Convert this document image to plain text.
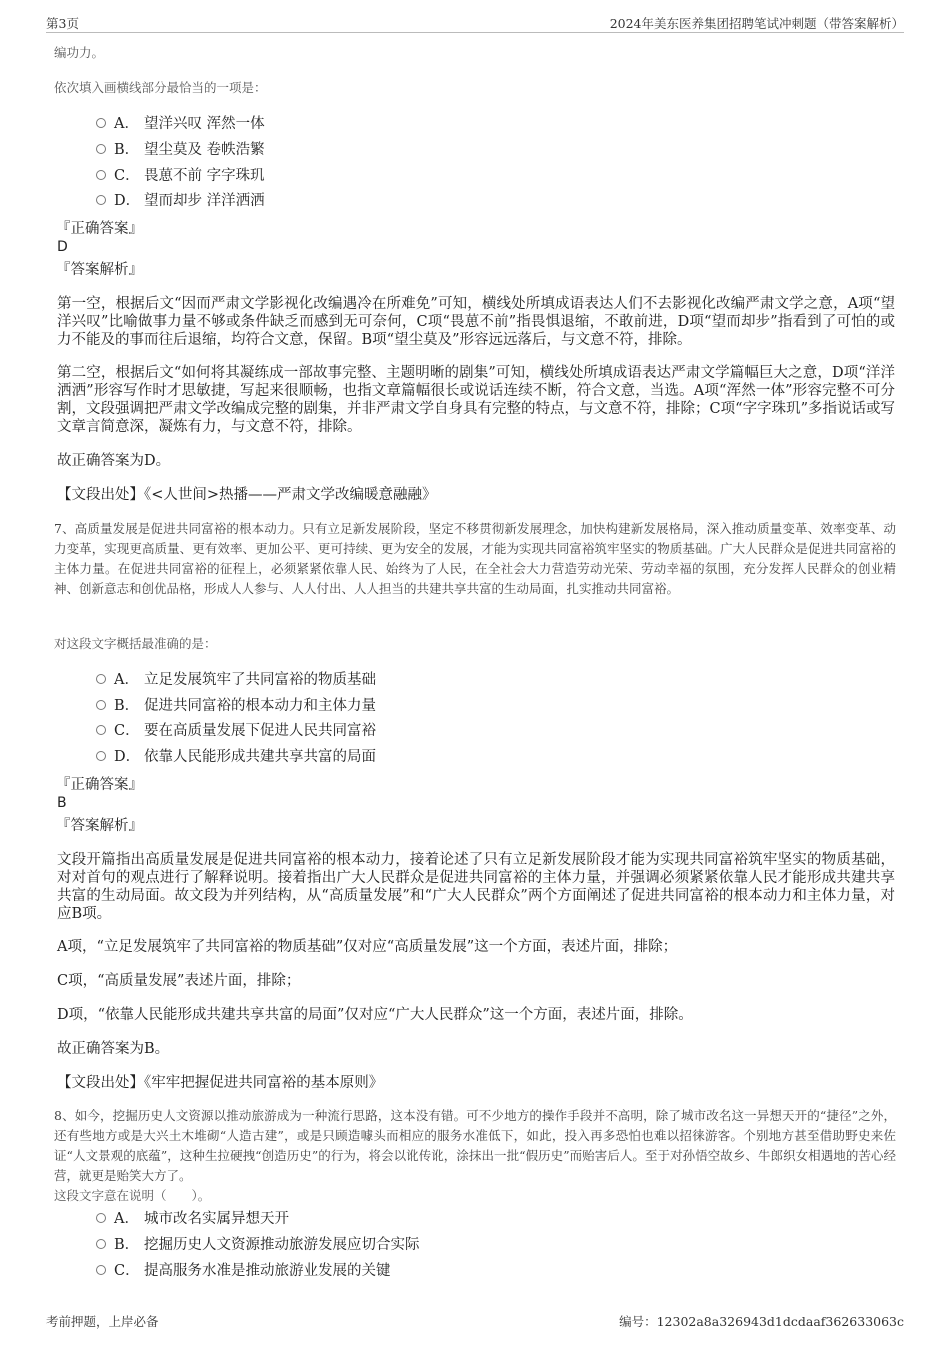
第3页	2024年美东医养集团招聘笔试冲刺题（带答案解析）
编功力。
依次填入画横线部分最恰当的一项是：
A． 望洋兴叹 浑然一体
B． 望尘莫及 卷帙浩繁
C． 畏葸不前 字字珠玑
D． 望而却步 洋洋洒洒
『正确答案』
D
『答案解析』
第一空，根据后文“因而严肃文学影视化改编遇冷在所难免”可知，横线处所填成语表达人们不去影视化改编严肃文学之意，A项“望洋兴叹”比喻做事力量不够或条件缺乏而感到无可奈何，C项“畏葸不前”指畏惧退缩，不敢前进，D项“望而却步”指看到了可怕的或力不能及的事而往后退缩，均符合文意，保留。B项“望尘莫及”形容远远落后，与文意不符，排除。
第二空，根据后文“如何将其凝练成一部故事完整、主题明晰的剧集”可知，横线处所填成语表达严肃文学篇幅巨大之意，D项“洋洋洒洒”形容写作时才思敏捷，写起来很顺畅，也指文章篇幅很长或说话连续不断，符合文意，当选。A项“浑然一体”形容完整不可分割，文段强调把严肃文学改编成完整的剧集，并非严肃文学自身具有完整的特点，与文意不符，排除；C项“字字珠玑”多指说话或写文章言简意深，凝炼有力，与文意不符，排除。
故正确答案为D。
【文段出处】《<人世间>热播——严肃文学改编暖意融融》
7、高质量发展是促进共同富裕的根本动力。只有立足新发展阶段，坚定不移贯彻新发展理念，加快构建新发展格局，深入推动质量变革、效率变革、动力变革，实现更高质量、更有效率、更加公平、更可持续、更为安全的发展，才能为实现共同富裕筑牢坚实的物质基础。广大人民群众是促进共同富裕的主体力量。在促进共同富裕的征程上，必须紧紧依靠人民、始终为了人民，在全社会大力营造劳动光荣、劳动幸福的氛围，充分发挥人民群众的创业精神、创新意志和创优品格，形成人人参与、人人付出、人人担当的共建共享共富的生动局面，扎实推动共同富裕。
对这段文字概括最准确的是：
A． 立足发展筑牢了共同富裕的物质基础
B． 促进共同富裕的根本动力和主体力量
C． 要在高质量发展下促进人民共同富裕
D． 依靠人民能形成共建共享共富的局面
『正确答案』
B
『答案解析』
文段开篇指出高质量发展是促进共同富裕的根本动力，接着论述了只有立足新发展阶段才能为实现共同富裕筑牢坚实的物质基础，对对首句的观点进行了解释说明。接着指出广大人民群众是促进共同富裕的主体力量，并强调必须紧紧依靠人民才能形成共建共享共富的生动局面。故文段为并列结构，从“高质量发展”和“广大人民群众”两个方面阐述了促进共同富裕的根本动力和主体力量，对应B项。
A项，“立足发展筑牢了共同富裕的物质基础”仅对应“高质量发展”这一个方面，表述片面，排除；
C项，“高质量发展”表述片面，排除；
D项，“依靠人民能形成共建共享共富的局面”仅对应“广大人民群众”这一个方面，表述片面，排除。
故正确答案为B。
【文段出处】《牢牢把握促进共同富裕的基本原则》
8、如今，挖掘历史人文资源以推动旅游成为一种流行思路，这本没有错。可不少地方的操作手段并不高明，除了城市改名这一异想天开的“捷径”之外，还有些地方或是大兴土木堆砌“人造古建”，或是只顾造噱头而相应的服务水准低下，如此，投入再多恐怕也难以招徕游客。个别地方甚至借助野史来佐证“人文景观的底蕴”，这种生拉硬拽“创造历史”的行为，将会以讹传讹，涂抹出一批“假历史”而贻害后人。至于对孙悟空故乡、牛郎织女相遇地的苦心经营，就更是贻笑大方了。
这段文字意在说明（　　）。
A． 城市改名实属异想天开
B． 挖掘历史人文资源推动旅游发展应切合实际
C． 提高服务水准是推动旅游业发展的关键
考前押题，上岸必备	编号：12302a8a326943d1dcdaaf362633063c
